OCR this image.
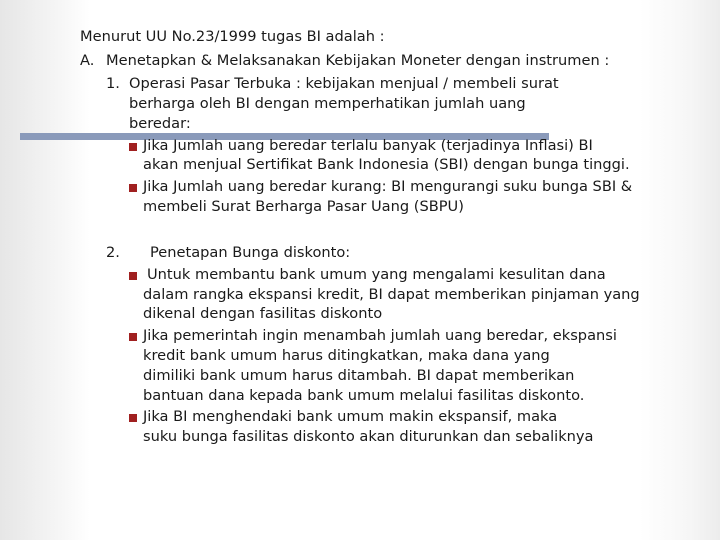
Menurut UU No.23/1999 tugas BI adalah :
A. Menetapkan & Melaksanakan Kebijakan Moneter dengan instrumen :
1. Operasi Pasar Terbuka : kebijakan menjual / membeli surat
berharga oleh BI dengan memperhatikan jumlah uang
beredar:
Jika Jumlah uang beredar terlalu banyak (terjadinya Inflasi) BI
akan menjual Sertifikat Bank Indonesia (SBI) dengan bunga tinggi.
Jika Jumlah uang beredar kurang: BI mengurangi suku bunga SBI &
membeli Surat Berharga Pasar Uang (SBPU)
2. Penetapan Bunga diskonto:
Untuk membantu bank umum yang mengalami kesulitan dana
dalam rangka ekspansi kredit, BI dapat memberikan pinjaman yang
dikenal dengan fasilitas diskonto
Jika pemerintah ingin menambah jumlah uang beredar, ekspansi
kredit bank umum harus ditingkatkan, maka dana yang
dimiliki bank umum harus ditambah. BI dapat memberikan
bantuan dana kepada bank umum melalui fasilitas diskonto.
Jika BI menghendaki bank umum makin ekspansif, maka
suku bunga fasilitas diskonto akan diturunkan dan sebaliknya
